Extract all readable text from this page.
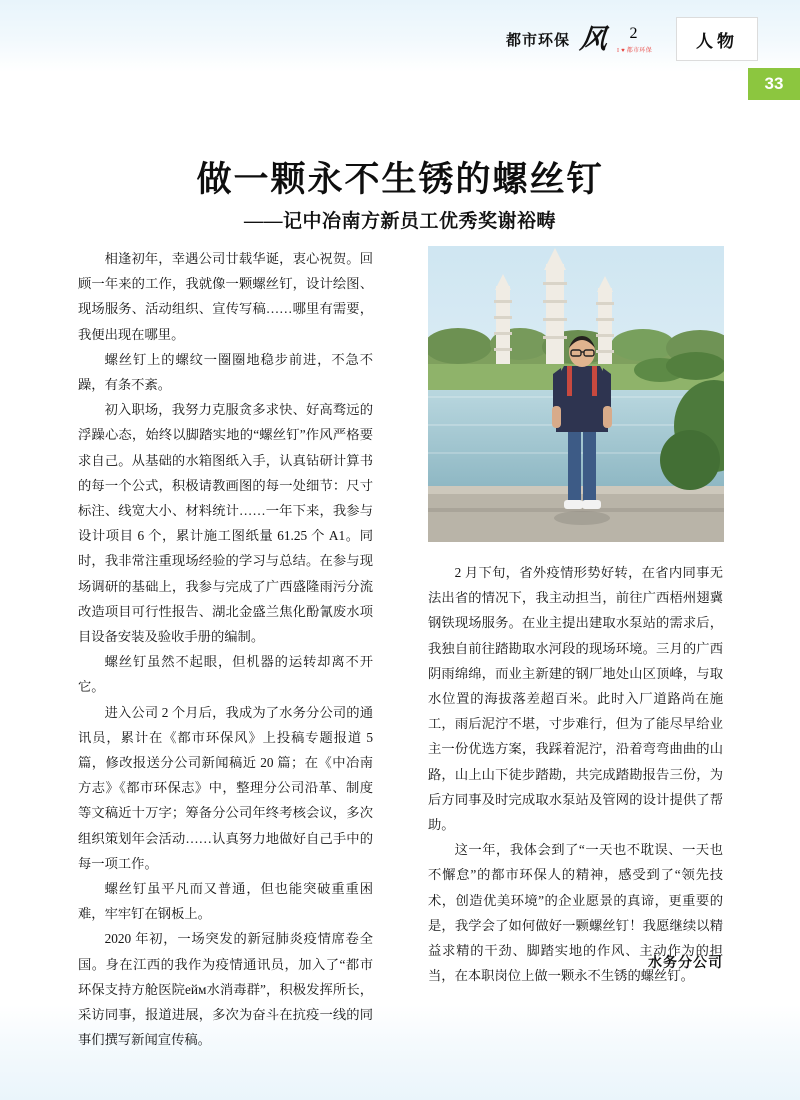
都市环保 风 2
I ♥ 都市环保	人物
33
做一颗永不生锈的螺丝钉
——记中冶南方新员工优秀奖谢裕畴

相逢初年，幸遇公司廿载华诞，衷心祝贺。回顾一年来的工作，我就像一颗螺丝钉，设计绘图、现场服务、活动组织、宣传写稿……哪里有需要，我便出现在哪里。

螺丝钉上的螺纹一圈圈地稳步前进，不急不躁，有条不紊。

初入职场，我努力克服贪多求快、好高骛远的浮躁心态，始终以脚踏实地的“螺丝钉”作风严格要求自己。从基础的水箱图纸入手，认真钻研计算书的每一个公式，积极请教画图的每一处细节：尺寸标注、线宽大小、材料统计……一年下来，我参与设计项目 6 个，累计施工图纸量 61.25 个 A1。同时，我非常注重现场经验的学习与总结。在参与现场调研的基础上，我参与完成了广西盛隆雨污分流改造项目可行性报告、湖北金盛兰焦化酚氰废水项目设备安装及验收手册的编制。

螺丝钉虽然不起眼，但机器的运转却离不开它。

进入公司 2 个月后，我成为了水务分公司的通讯员，累计在《都市环保风》上投稿专题报道 5 篇，修改报送分公司新闻稿近 20 篇；在《中冶南方志》《都市环保志》中，整理分公司沿革、制度等文稿近十万字；筹备分公司年终考核会议，多次组织策划年会活动……认真努力地做好自己手中的每一项工作。

螺丝钉虽平凡而又普通，但也能突破重重困难，牢牢钉在钢板上。

2020 年初，一场突发的新冠肺炎疫情席卷全国。身在江西的我作为疫情通讯员，加入了“都市环保支持方舱医院ейм水消毒群”，积极发挥所长，采访同事，报道进展，多次为奋斗在抗疫一线的同事们撰写新闻宣传稿。

2 月下旬，省外疫情形势好转，在省内同事无法出省的情况下，我主动担当，前往广西梧州翅冀钢铁现场服务。在业主提出建取水泵站的需求后，我独自前往踏勘取水河段的现场环境。三月的广西阴雨绵绵，而业主新建的钢厂地处山区顶峰，与取水位置的海拔落差超百米。此时入厂道路尚在施工，雨后泥泞不堪，寸步难行，但为了能尽早给业主一份优选方案，我踩着泥泞，沿着弯弯曲曲的山路，山上山下徒步踏勘，共完成踏勘报告三份，为后方同事及时完成取水泵站及管网的设计提供了帮助。

这一年，我体会到了“一天也不耽误、一天也不懈怠”的都市环保人的精神，感受到了“领先技术，创造优美环境”的企业愿景的真谛，更重要的是，我学会了如何做好一颗螺丝钉！我愿继续以精益求精的干劲、脚踏实地的作风、主动作为的担当，在本职岗位上做一颗永不生锈的螺丝钉。

水务分公司
